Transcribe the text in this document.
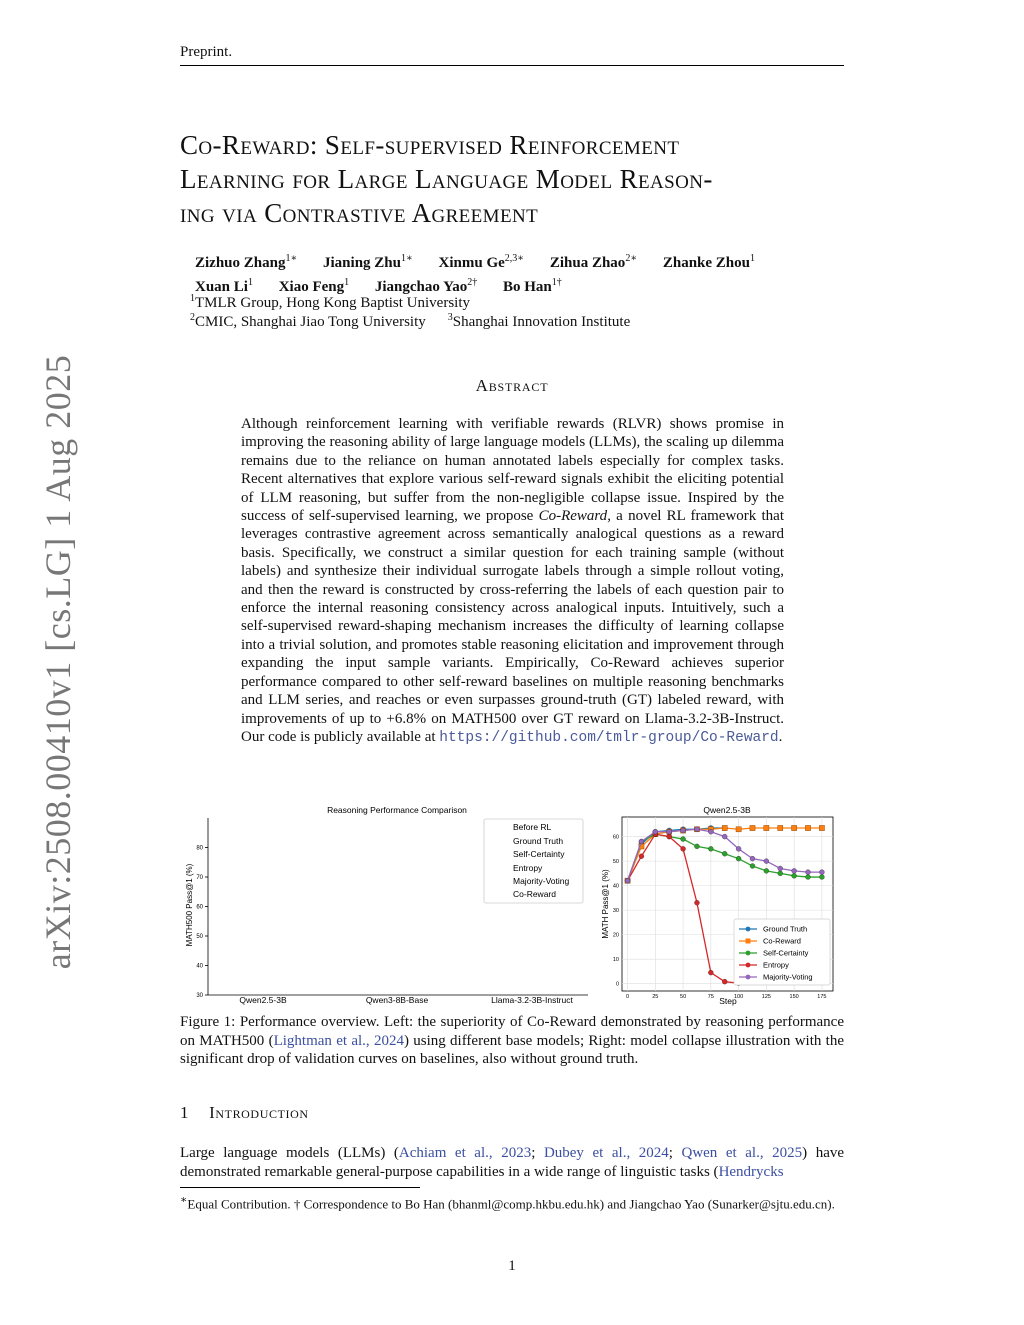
Preprint.
arXiv:2508.00410v1 [cs.LG] 1 Aug 2025
Co-Reward: Self-supervised Reinforcement
Learning for Large Language Model Reason-
ing via Contrastive Agreement
Zizhuo Zhang$^{1∗}$ Jianing Zhu$^{1∗}$ Xinmu $Ge^{2,3∗}$ Zihua Zhao$^{2∗}$ Zhanke Zhou$^1$
Xuan Li$^1$ Xiao Feng$^1$ Jiangchao Yao$^{2\dagger}$ Bo Han$^{1\dagger}$
$^1$TMLR Group, Hong Kong Baptist University
$^2$CMIC, Shanghai Jiao Tong University $^3$Shanghai Innovation Institute
Abstract
Although reinforcement learning with verifiable rewards (RLVR) shows promise in improving the reasoning ability of large language models (LLMs), the scaling up dilemma remains due to the reliance on human annotated labels especially for complex tasks. Recent alternatives that explore various self-reward signals exhibit the eliciting potential of LLM reasoning, but suffer from the non-negligible collapse issue. Inspired by the success of self-supervised learning, we propose Co-Reward, a novel RL framework that leverages contrastive agreement across semantically analogical questions as a reward basis. Specifically, we construct a similar question for each training sample (without labels) and synthesize their individual surrogate labels through a simple rollout voting, and then the reward is constructed by cross-referring the labels of each question pair to enforce the internal reasoning consistency across analogical inputs. Intuitively, such a self-supervised reward-shaping mechanism increases the difficulty of learning collapse into a trivial solution, and promotes stable reasoning elicitation and improvement through expanding the input sample variants. Empirically, Co-Reward achieves superior performance compared to other self-reward baselines on multiple reasoning benchmarks and LLM series, and reaches or even surpasses ground-truth (GT) labeled reward, with improvements of up to +6.8% on MATH500 over GT reward on Llama-3.2-3B-Instruct. Our code is publicly available at https://github.com/tmlr-group/Co-Reward.
Reasoning Performance Comparison
30
40
50
60
70
80
MATH500 Pass@1 (%)
Qwen2.5-3B	Qwen3-8B-Base	Llama-3.2-3B-Instruct
Before RL
Ground Truth
Self-Certainty
Entropy
Majority-Voting
Co-Reward
Qwen2.5-3B
0	25	50	75	100	125	150	175
0
10
20
30
40
50
60
MATH Pass@1 (%)
Step
Ground Truth
Co-Reward
Self-Certainty
Entropy
Majority-Voting
Figure 1: Performance overview. Left: the superiority of Co-Reward demonstrated by reasoning performance on MATH500 (Lightman et al., 2024) using different base models; Right: model collapse illustration with the significant drop of validation curves on baselines, also without ground truth.
1 Introduction
Large language models (LLMs) (Achiam et al., 2023; Dubey et al., 2024; Qwen et al., 2025) have demonstrated remarkable general-purpose capabilities in a wide range of linguistic tasks (Hendrycks
∗Equal Contribution. † Correspondence to Bo Han (bhanml@comp.hkbu.edu.hk) and Jiangchao Yao (Sunarker@sjtu.edu.cn).
1
